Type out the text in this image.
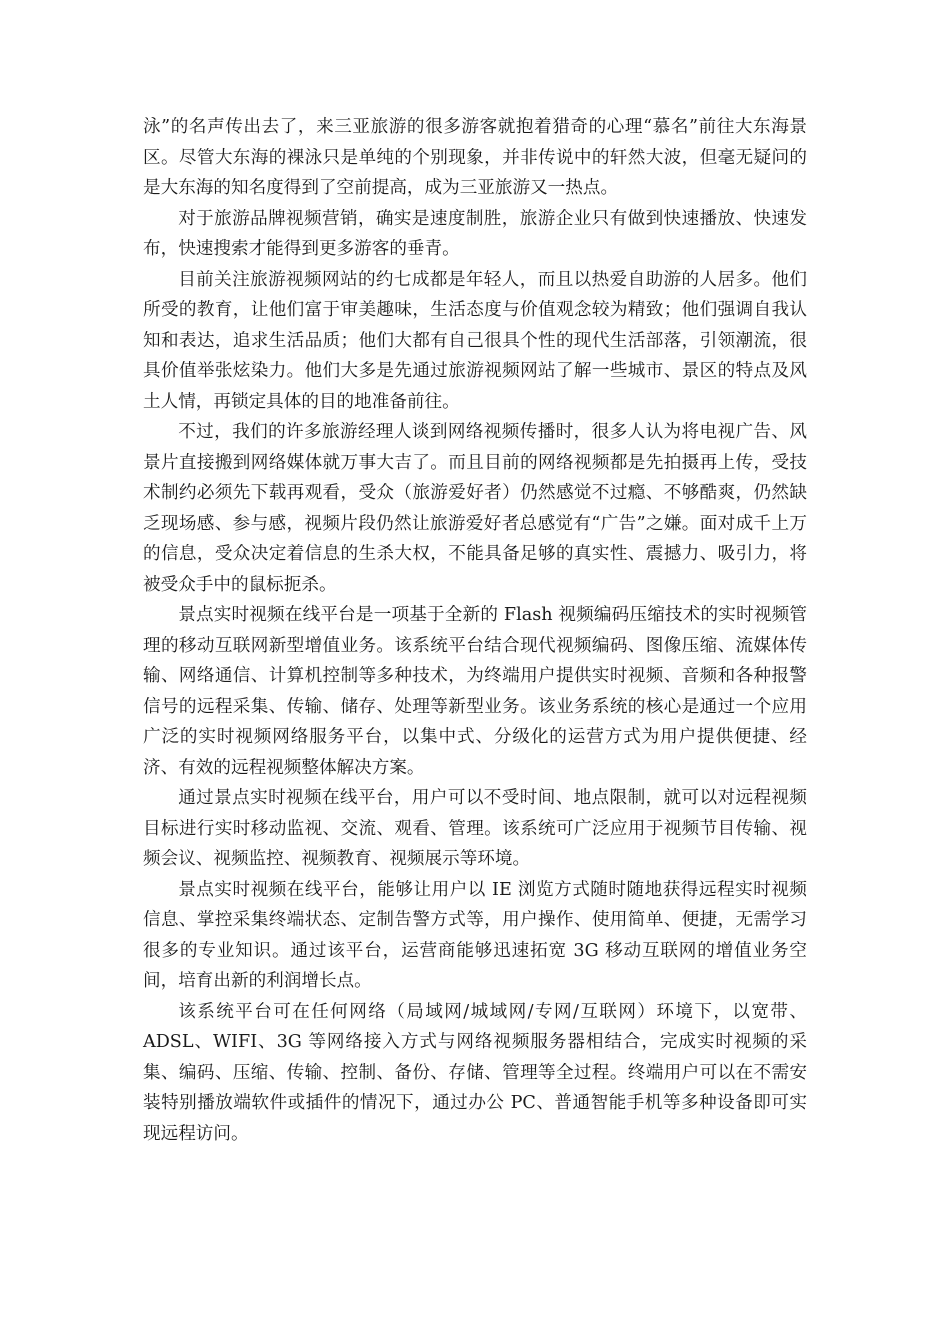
泳”的名声传出去了，来三亚旅游的很多游客就抱着猎奇的心理“慕名”前往大东海景区。尽管大东海的裸泳只是单纯的个别现象，并非传说中的轩然大波，但毫无疑问的是大东海的知名度得到了空前提高，成为三亚旅游又一热点。

对于旅游品牌视频营销，确实是速度制胜，旅游企业只有做到快速播放、快速发布，快速搜索才能得到更多游客的垂青。

目前关注旅游视频网站的约七成都是年轻人，而且以热爱自助游的人居多。他们所受的教育，让他们富于审美趣味，生活态度与价值观念较为精致；他们强调自我认知和表达，追求生活品质；他们大都有自己很具个性的现代生活部落，引领潮流，很具价值举张炫染力。他们大多是先通过旅游视频网站了解一些城市、景区的特点及风土人情，再锁定具体的目的地准备前往。

不过，我们的许多旅游经理人谈到网络视频传播时，很多人认为将电视广告、风景片直接搬到网络媒体就万事大吉了。而且目前的网络视频都是先拍摄再上传，受技术制约必须先下载再观看，受众（旅游爱好者）仍然感觉不过瘾、不够酷爽，仍然缺乏现场感、参与感，视频片段仍然让旅游爱好者总感觉有“广告”之嫌。面对成千上万的信息，受众决定着信息的生杀大权，不能具备足够的真实性、震撼力、吸引力，将被受众手中的鼠标扼杀。

景点实时视频在线平台是一项基于全新的 Flash 视频编码压缩技术的实时视频管理的移动互联网新型增值业务。该系统平台结合现代视频编码、图像压缩、流媒体传输、网络通信、计算机控制等多种技术，为终端用户提供实时视频、音频和各种报警信号的远程采集、传输、储存、处理等新型业务。该业务系统的核心是通过一个应用广泛的实时视频网络服务平台，以集中式、分级化的运营方式为用户提供便捷、经济、有效的远程视频整体解决方案。

通过景点实时视频在线平台，用户可以不受时间、地点限制，就可以对远程视频目标进行实时移动监视、交流、观看、管理。该系统可广泛应用于视频节目传输、视频会议、视频监控、视频教育、视频展示等环境。

景点实时视频在线平台，能够让用户以 IE 浏览方式随时随地获得远程实时视频信息、掌控采集终端状态、定制告警方式等，用户操作、使用简单、便捷，无需学习很多的专业知识。通过该平台，运营商能够迅速拓宽 3G 移动互联网的增值业务空间，培育出新的利润增长点。

该系统平台可在任何网络（局域网/城域网/专网/互联网）环境下，以宽带、ADSL、WIFI、3G 等网络接入方式与网络视频服务器相结合，完成实时视频的采集、编码、压缩、传输、控制、备份、存储、管理等全过程。终端用户可以在不需安装特别播放端软件或插件的情况下，通过办公 PC、普通智能手机等多种设备即可实现远程访问。
